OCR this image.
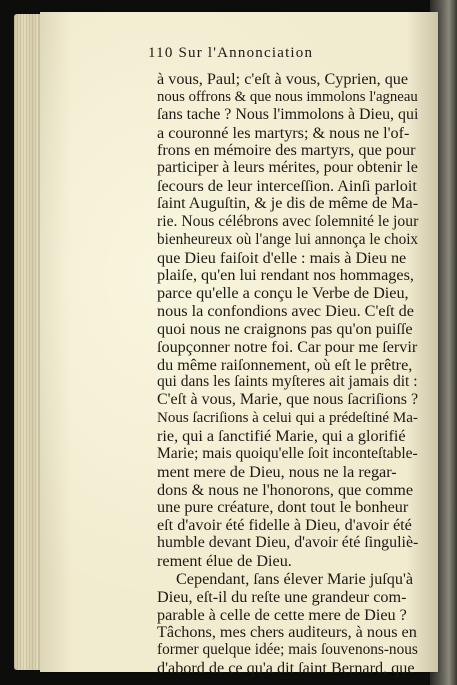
110 Sur l'Annonciation
à vous, Paul; c'eſt à vous, Cyprien, que
nous offrons & que nous immolons l'agneau
ſans tache ? Nous l'immolons à Dieu, qui
a couronné les martyrs; & nous ne l'of-
frons en mémoire des martyrs, que pour
participer à leurs mérites, pour obtenir le
ſecours de leur interceſſion. Ainſi parloit
ſaint Auguſtin, & je dis de même de Ma-
rie. Nous célébrons avec ſolemnité le jour
bienheureux où l'ange lui annonça le choix
que Dieu faiſoit d'elle : mais à Dieu ne
plaiſe, qu'en lui rendant nos hommages,
parce qu'elle a conçu le Verbe de Dieu,
nous la confondions avec Dieu. C'eſt de
quoi nous ne craignons pas qu'on puiſſe
ſoupçonner notre foi. Car pour me ſervir
du même raiſonnement, où eſt le prêtre,
qui dans les ſaints myſteres ait jamais dit :
C'eſt à vous, Marie, que nous ſacriſions ?
Nous ſacriſions à celui qui a prédeſtiné Ma-
rie, qui a ſanctifié Marie, qui a glorifié
Marie; mais quoiqu'elle ſoit inconteſtable-
ment mere de Dieu, nous ne la regar-
dons & nous ne l'honorons, que comme
une pure créature, dont tout le bonheur
eſt d'avoir été fidelle à Dieu, d'avoir été
humble devant Dieu, d'avoir été ſinguliè-
rement élue de Dieu.
Cependant, ſans élever Marie juſqu'à
Dieu, eſt-il du reſte une grandeur com-
parable à celle de cette mere de Dieu ?
Tâchons, mes chers auditeurs, à nous en
former quelque idée; mais ſouvenons-nous
d'abord de ce qu'a dit ſaint Bernard, que
